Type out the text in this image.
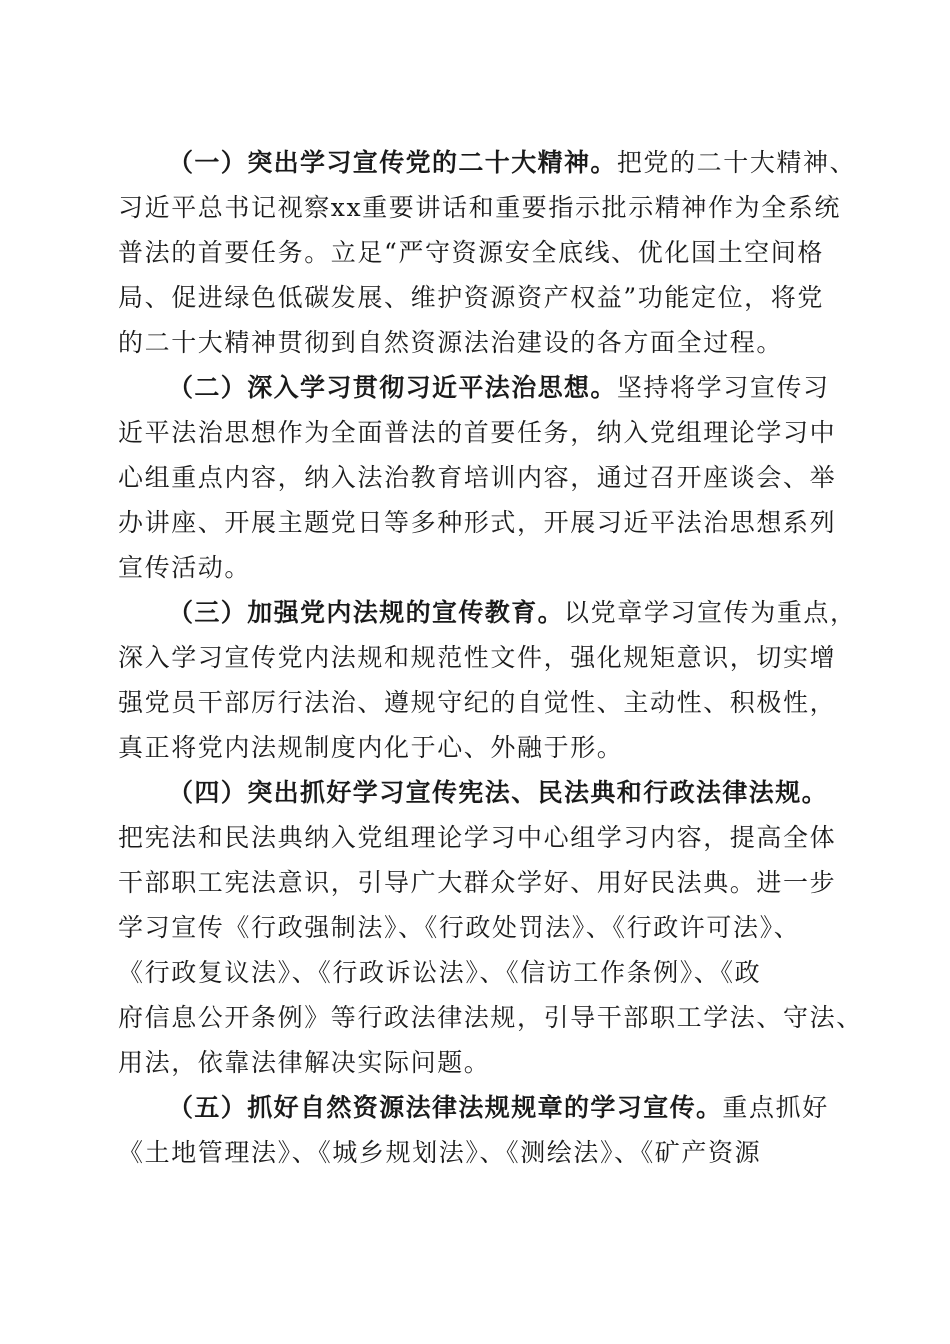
（一）突出学习宣传党的二十大精神。把党的二十大精神、
习近平总书记视察xx重要讲话和重要指示批示精神作为全系统
普法的首要任务。立足“严守资源安全底线、优化国土空间格
局、促进绿色低碳发展、维护资源资产权益”功能定位，将党
的二十大精神贯彻到自然资源法治建设的各方面全过程。
（二）深入学习贯彻习近平法治思想。坚持将学习宣传习
近平法治思想作为全面普法的首要任务，纳入党组理论学习中
心组重点内容，纳入法治教育培训内容，通过召开座谈会、举
办讲座、开展主题党日等多种形式，开展习近平法治思想系列
宣传活动。
（三）加强党内法规的宣传教育。以党章学习宣传为重点，
深入学习宣传党内法规和规范性文件，强化规矩意识，切实增
强党员干部厉行法治、遵规守纪的自觉性、主动性、积极性，
真正将党内法规制度内化于心、外融于形。
（四）突出抓好学习宣传宪法、民法典和行政法律法规。
把宪法和民法典纳入党组理论学习中心组学习内容，提高全体
干部职工宪法意识，引导广大群众学好、用好民法典。进一步
学习宣传《行政强制法》、《行政处罚法》、《行政许可法》、
《行政复议法》、《行政诉讼法》、《信访工作条例》、《政
府信息公开条例》等行政法律法规，引导干部职工学法、守法、
用法，依靠法律解决实际问题。
（五）抓好自然资源法律法规规章的学习宣传。重点抓好
《土地管理法》、《城乡规划法》、《测绘法》、《矿产资源
